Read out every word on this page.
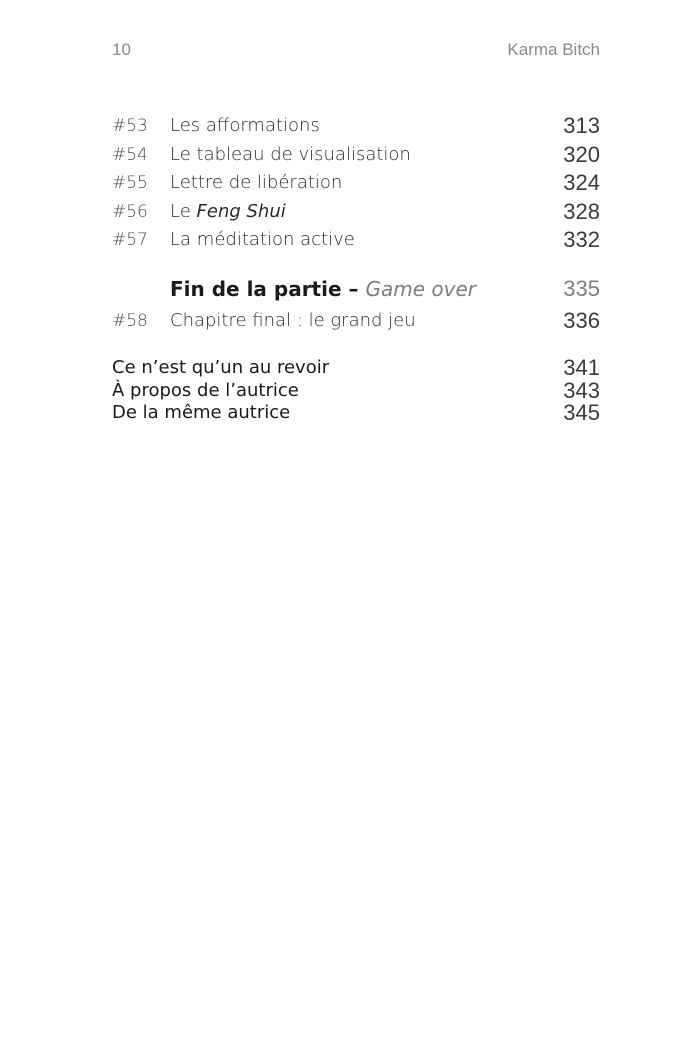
10	Karma Bitch
#53 Les afformations	313
#54 Le tableau de visualisation	320
#55 Lettre de libération	324
#56 Le Feng Shui	328
#57 La méditation active	332
Fin de la partie – Game over	335
#58 Chapitre final : le grand jeu	336
Ce n’est qu’un au revoir	341
À propos de l’autrice	343
De la même autrice	345
